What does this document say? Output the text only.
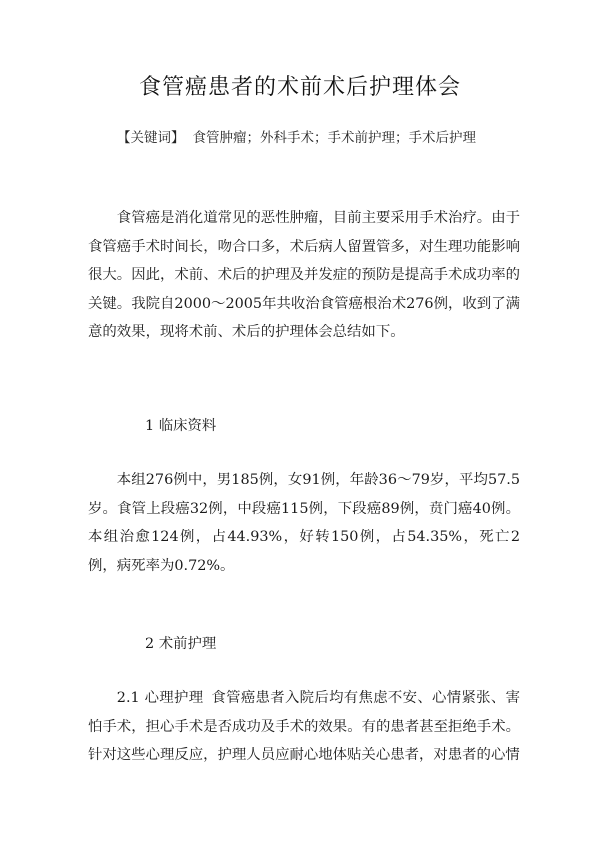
食管癌患者的术前术后护理体会
【关键词】 食管肿瘤；外科手术；手术前护理；手术后护理

食管癌是消化道常见的恶性肿瘤，目前主要采用手术治疗。由于食管癌手术时间长，吻合口多，术后病人留置管多，对生理功能影响很大。因此，术前、术后的护理及并发症的预防是提高手术成功率的关键。我院自2000～2005年共收治食管癌根治术276例，收到了满意的效果，现将术前、术后的护理体会总结如下。

1 临床资料

本组276例中，男185例，女91例，年龄36～79岁，平均57.5岁。食管上段癌32例，中段癌115例，下段癌89例，贲门癌40例。本组治愈124例，占44.93%，好转150例，占54.35%，死亡2例，病死率为0.72%。

2 术前护理

2.1 心理护理 食管癌患者入院后均有焦虑不安、心情紧张、害怕手术，担心手术是否成功及手术的效果。有的患者甚至拒绝手术。针对这些心理反应，护理人员应耐心地体贴关心患者，对患者的心情
